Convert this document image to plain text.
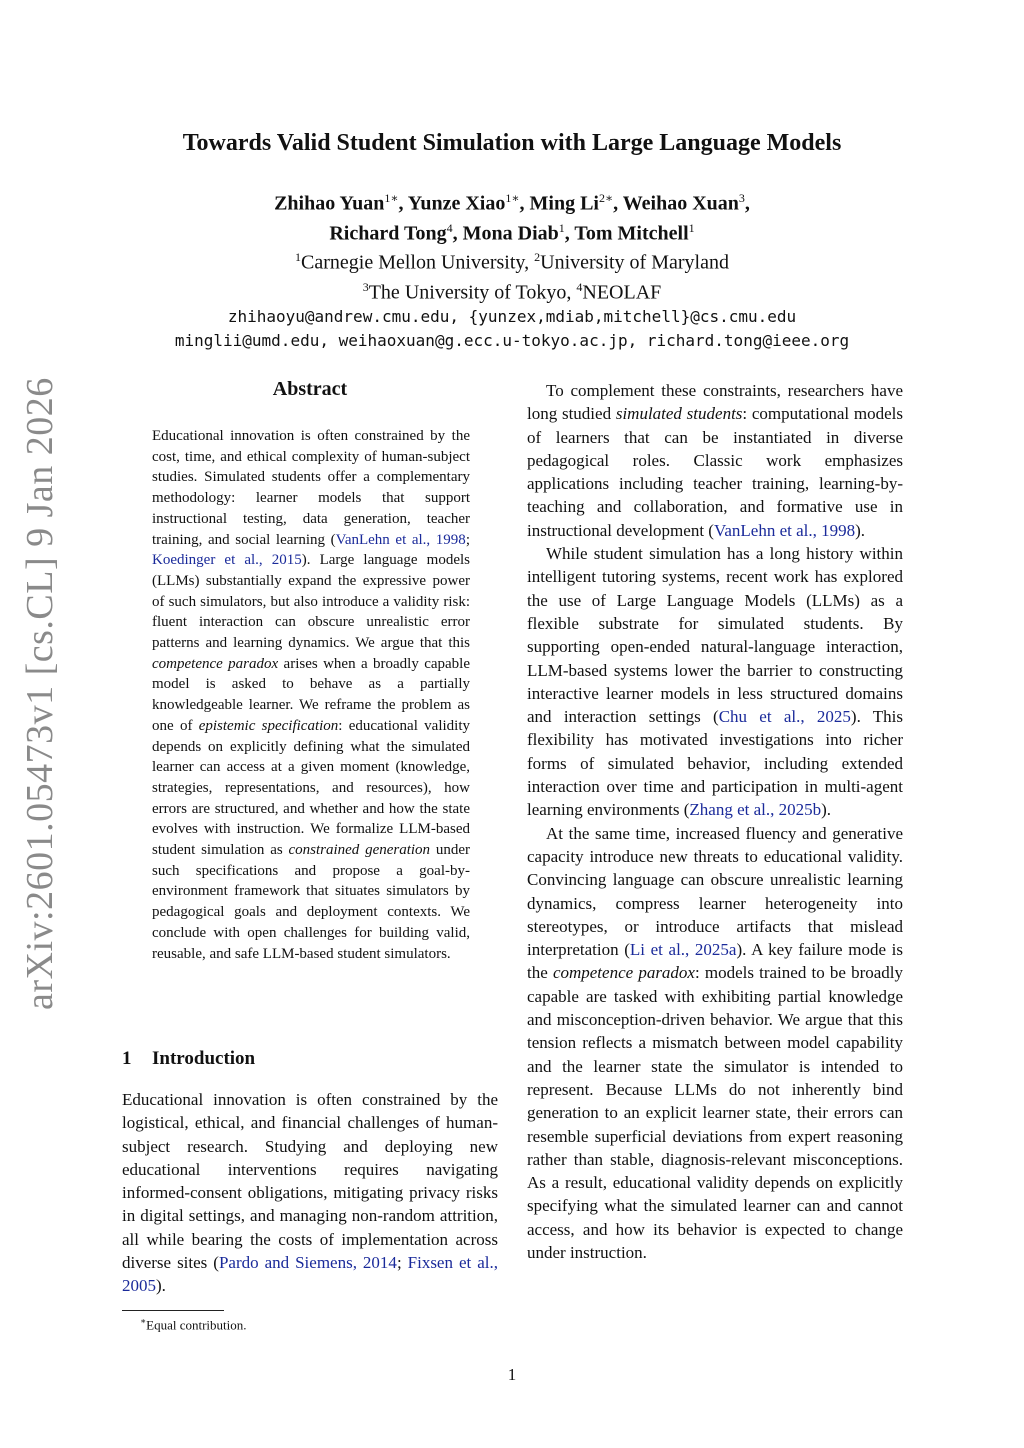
arXiv:2601.05473v1 [cs.CL] 9 Jan 2026
Towards Valid Student Simulation with Large Language Models
Zhihao Yuan$^{1∗}$, Yunze Xiao$^{1∗}$, Ming $Li^{2∗}$, Weihao Xuan$^3$,
Richard Tong$^4$, Mona Diab$^1$, Tom Mitchell$^1$
$^1$Carnegie Mellon University, $^2$University of Maryland
$^3$The University of Tokyo, $^4$NEOLAF
zhihaoyu@andrew.cmu.edu, {yunzex,mdiab,mitchell}@cs.cmu.edu
minglii@umd.edu, weihaoxuan@g.ecc.u-tokyo.ac.jp, richard.tong@ieee.org
Abstract

Educational innovation is often constrained by the cost, time, and ethical complexity of human-subject studies. Simulated students offer a complementary methodology: learner models that support instructional testing, data generation, teacher training, and social learning (VanLehn et al., 1998; Koedinger et al., 2015). Large language models (LLMs) substantially expand the expressive power of such simulators, but also introduce a validity risk: fluent interaction can obscure unrealistic error patterns and learning dynamics. We argue that this competence paradox arises when a broadly capable model is asked to behave as a partially knowledgeable learner. We reframe the problem as one of epistemic specification: educational validity depends on explicitly defining what the simulated learner can access at a given moment (knowledge, strategies, representations, and resources), how errors are structured, and whether and how the state evolves with instruction. We formalize LLM-based student simulation as constrained generation under such specifications and propose a goal-by-environment framework that situates simulators by pedagogical goals and deployment contexts. We conclude with open challenges for building valid, reusable, and safe LLM-based student simulators.

1 Introduction

Educational innovation is often constrained by the logistical, ethical, and financial challenges of human-subject research. Studying and deploying new educational interventions requires navigating informed-consent obligations, mitigating privacy risks in digital settings, and managing non-random attrition, all while bearing the costs of implementation across diverse sites (Pardo and Siemens, 2014; Fixsen et al., 2005).

∗Equal contribution.

To complement these constraints, researchers have long studied simulated students: computational models of learners that can be instantiated in diverse pedagogical roles. Classic work emphasizes applications including teacher training, learning-by-teaching and collaboration, and formative use in instructional development (VanLehn et al., 1998).

While student simulation has a long history within intelligent tutoring systems, recent work has explored the use of Large Language Models (LLMs) as a flexible substrate for simulated students. By supporting open-ended natural-language interaction, LLM-based systems lower the barrier to constructing interactive learner models in less structured domains and interaction settings (Chu et al., 2025). This flexibility has motivated investigations into richer forms of simulated behavior, including extended interaction over time and participation in multi-agent learning environments (Zhang et al., 2025b).

At the same time, increased fluency and generative capacity introduce new threats to educational validity. Convincing language can obscure unrealistic learning dynamics, compress learner heterogeneity into stereotypes, or introduce artifacts that mislead interpretation (Li et al., 2025a). A key failure mode is the competence paradox: models trained to be broadly capable are tasked with exhibiting partial knowledge and misconception-driven behavior. We argue that this tension reflects a mismatch between model capability and the learner state the simulator is intended to represent. Because LLMs do not inherently bind generation to an explicit learner state, their errors can resemble superficial deviations from expert reasoning rather than stable, diagnosis-relevant misconceptions. As a result, educational validity depends on explicitly specifying what the simulated learner can and cannot access, and how its behavior is expected to change under instruction.

1
